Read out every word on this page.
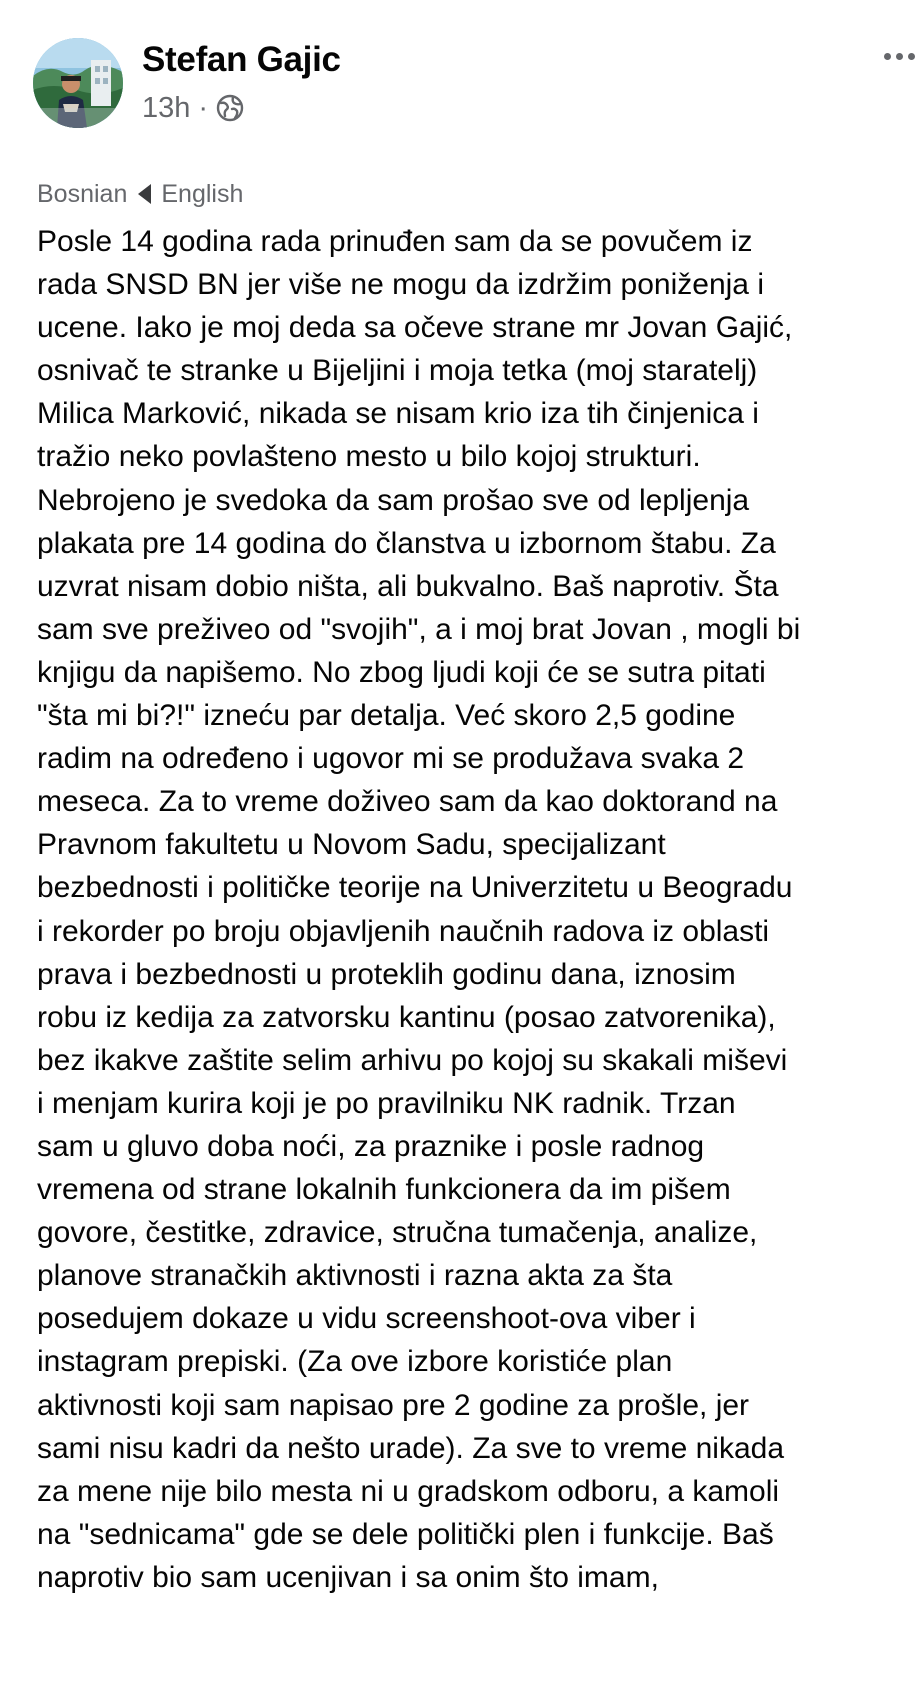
Stefan Gajic
13h ·
Bosnian English
Posle 14 godina rada prinuđen sam da se povučem iz
rada SNSD BN jer više ne mogu da izdržim poniženja i
ucene. Iako je moj deda sa očeve strane mr Jovan Gajić,
osnivač te stranke u Bijeljini i moja tetka (moj staratelj)
Milica Marković, nikada se nisam krio iza tih činjenica i
tražio neko povlašteno mesto u bilo kojoj strukturi.
Nebrojeno je svedoka da sam prošao sve od lepljenja
plakata pre 14 godina do članstva u izbornom štabu. Za
uzvrat nisam dobio ništa, ali bukvalno. Baš naprotiv. Šta
sam sve preživeo od "svojih", a i moj brat Jovan , mogli bi
knjigu da napišemo. No zbog ljudi koji će se sutra pitati
"šta mi bi?!" izneću par detalja. Već skoro 2,5 godine
radim na određeno i ugovor mi se produžava svaka 2
meseca. Za to vreme doživeo sam da kao doktorand na
Pravnom fakultetu u Novom Sadu, specijalizant
bezbednosti i političke teorije na Univerzitetu u Beogradu
i rekorder po broju objavljenih naučnih radova iz oblasti
prava i bezbednosti u proteklih godinu dana, iznosim
robu iz kedija za zatvorsku kantinu (posao zatvorenika),
bez ikakve zaštite selim arhivu po kojoj su skakali miševi
i menjam kurira koji je po pravilniku NK radnik. Trzan
sam u gluvo doba noći, za praznike i posle radnog
vremena od strane lokalnih funkcionera da im pišem
govore, čestitke, zdravice, stručna tumačenja, analize,
planove stranačkih aktivnosti i razna akta za šta
posedujem dokaze u vidu screenshoot-ova viber i
instagram prepiski. (Za ove izbore koristiće plan
aktivnosti koji sam napisao pre 2 godine za prošle, jer
sami nisu kadri da nešto urade). Za sve to vreme nikada
za mene nije bilo mesta ni u gradskom odboru, a kamoli
na "sednicama" gde se dele politički plen i funkcije. Baš
naprotiv bio sam ucenjivan i sa onim što imam,
